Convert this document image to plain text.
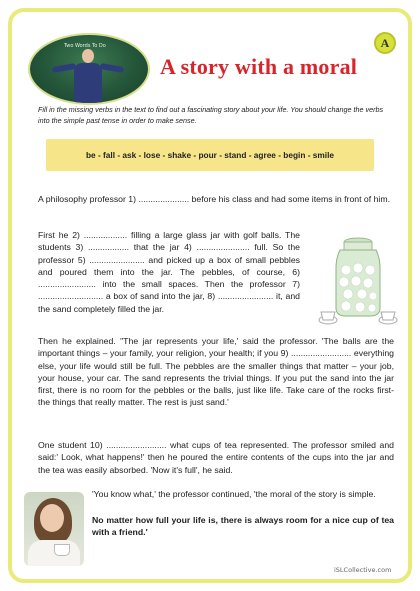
Two Words To Do
A story with a moral
A
Fill in the missing verbs in the text to find out a fascinating story about your life. You should change the verbs into the simple past tense in order to make sense.
be - fall - ask - lose - shake - pour - stand - agree - begin - smile

A philosophy professor 1) ..................... before his class and had some items in front of him.

First he 2) .................. filling a large glass jar with golf balls. The students 3) ................. that the jar 4) ...................... full. So the professor 5) ....................... and picked up a box of small pebbles and poured them into the jar. The pebbles, of course, 6) ........................ into the small spaces. Then the professor 7) ........................... a box of sand into the jar, 8) ....................... it, and the sand completely filled the jar.

Then he explained. "The jar represents your life,' said the professor. 'The balls are the important things – your family, your religion, your health; if you 9) ......................... everything else, your life would still be full. The pebbles are the smaller things that matter – your job, your house, your car. The sand represents the trivial things. If you put the sand into the jar first, there is no room for the pebbles or the balls, just like life. Take care of the rocks first- the things that really matter. The rest is just sand.'

One student 10) ......................... what cups of tea represented. The professor smiled and said:' Look, what happens!' then he poured the entire contents of the cups into the jar and the tea was easily absorbed. 'Now it's full', he said.

'You know what,' the professor continued, 'the moral of the story is simple.

No matter how full your life is, there is always room for a nice cup of tea with a friend.'

iSLCollective.com
